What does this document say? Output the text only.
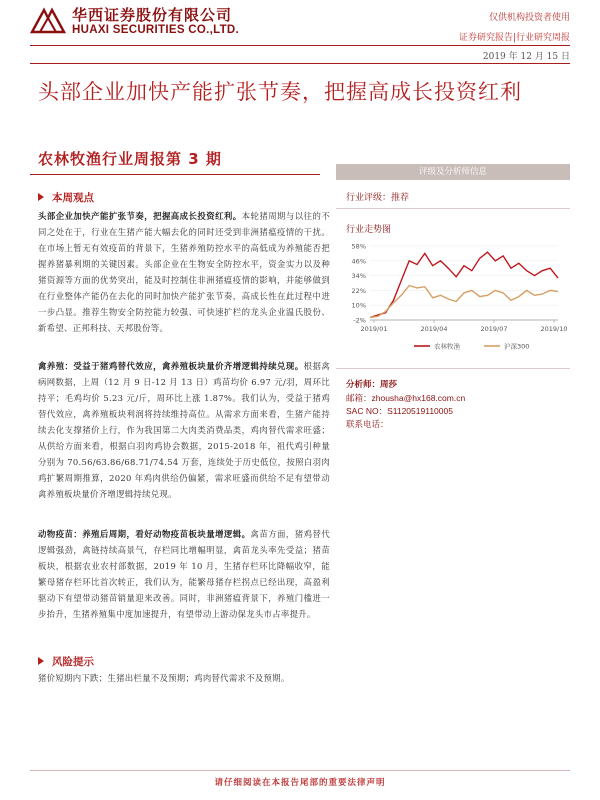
华西证券股份有限公司
HUAXI SECURITIES CO.,LTD.
仅供机构投资者使用
证券研究报告|行业研究周报
2019 年 12 月 15 日
头部企业加快产能扩张节奏，把握高成长投资红利
农林牧渔行业周报第 3 期
本周观点
头部企业加快产能扩张节奏，把握高成长投资红利。本轮猪周期与以往的不同之处在于，行业在生猪产能大幅去化的同时还受到非洲猪瘟疫情的干扰。在市场上暂无有效疫苗的背景下，生猪养殖防控水平的高低成为养殖能否把握养猪暴利期的关键因素。头部企业在生物安全防控水平，资金实力以及种猪资源等方面的优势突出，能及时控制住非洲猪瘟疫情的影响，并能够做到在行业整体产能仍在去化的同时加快产能扩张节奏，高成长性在此过程中进一步凸显。推荐生物安全防控能力较强、可快速扩栏的龙头企业温氏股份、新希望、正邦科技、天邦股份等。
禽养殖：受益于猪鸡替代效应，禽养殖板块量价齐增逻辑持续兑现。根据禽病网数据，上周（12 月 9 日-12 月 13 日）鸡苗均价 6.97 元/羽，周环比持平；毛鸡均价 5.23 元/斤，周环比上涨 1.87%。我们认为，受益于猪鸡替代效应，禽养殖板块利润将持续维持高位。从需求方面来看，生猪产能持续去化支撑猪价上行，作为我国第二大肉类消费品类，鸡肉替代需求旺盛；从供给方面来看，根据白羽肉鸡协会数据，2015-2018 年，祖代鸡引种量分别为 70.56/63.86/68.71/74.54 万套，连续处于历史低位，按照白羽肉鸡扩繁周期推算，2020 年鸡肉供给仍偏紧，需求旺盛而供给不足有望带动禽养殖板块量价齐增逻辑持续兑现。
动物疫苗：养殖后周期，看好动物疫苗板块量增逻辑。禽苗方面，猪鸡替代逻辑强劲，禽链持续高景气，存栏同比增幅明显，禽苗龙头率先受益；猪苗板块，根据农业农村部数据，2019 年 10 月，生猪存栏环比降幅收窄，能繁母猪存栏环比首次转正，我们认为，能繁母猪存栏拐点已经出现，高盈利驱动下有望带动猪苗销量迎来改善。同时，非洲猪瘟背景下，养殖门槛进一步抬升，生猪养殖集中度加速提升，有望带动上游动保龙头市占率提升。
风险提示
猪价短期内下跌；生猪出栏量不及预期；鸡肉替代需求不及预期。
评级及分析师信息
行业评级：推荐
行业走势图
-2%
10%
22%
34%
46%
58%
2019/01	2019/04	2019/07	2019/10
农林牧渔	沪深300
分析师：周莎
邮箱：zhousha@hx168.com.cn
SAC NO：S1120519110005
联系电话：
请仔细阅读在本报告尾部的重要法律声明
